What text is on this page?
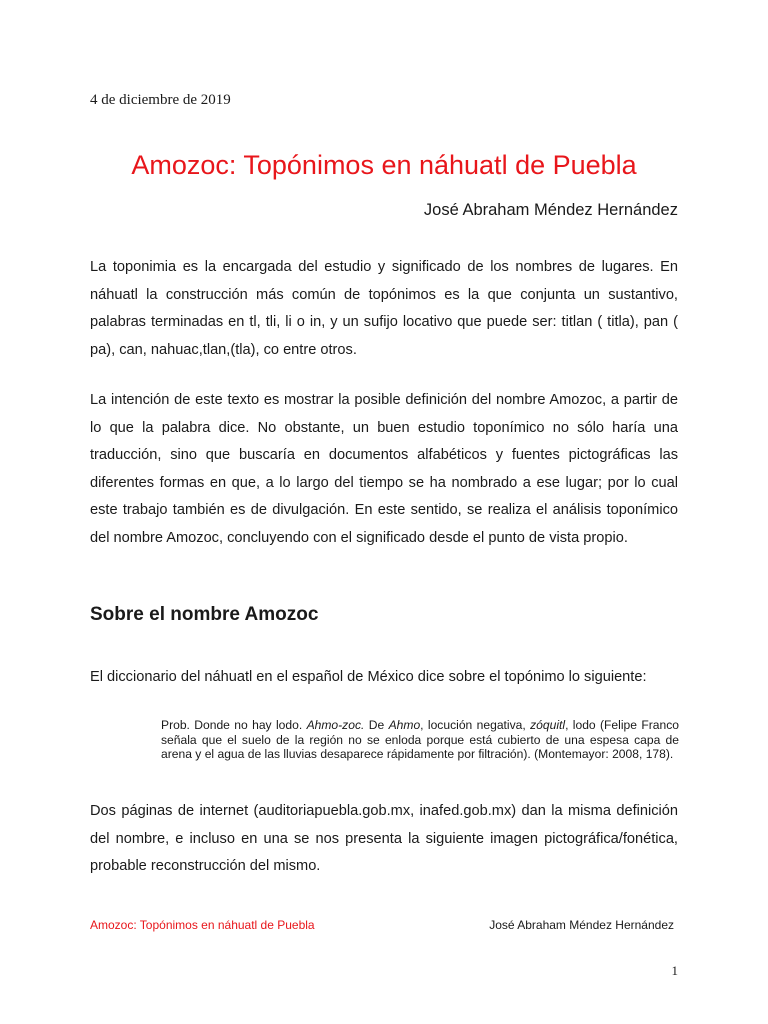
4 de diciembre de 2019
Amozoc: Topónimos en náhuatl de Puebla
José Abraham Méndez Hernández

La toponimia es la encargada del estudio y significado de los nombres de lugares. En náhuatl la construcción más común de topónimos es la que conjunta un sustantivo, palabras terminadas en tl, tli, li o in, y un sufijo locativo que puede ser: titlan ( titla), pan ( pa), can, nahuac,tlan,(tla), co entre otros.

La intención de este texto es mostrar la posible definición del nombre Amozoc, a partir de lo que la palabra dice. No obstante, un buen estudio toponímico no sólo haría una traducción, sino que buscaría en documentos alfabéticos y fuentes pictográficas las diferentes formas en que, a lo largo del tiempo se ha nombrado a ese lugar; por lo cual este trabajo también es de divulgación. En este sentido, se realiza el análisis toponímico del nombre Amozoc, concluyendo con el significado desde el punto de vista propio.

Sobre el nombre Amozoc

El diccionario del náhuatl en el español de México dice sobre el topónimo lo siguiente:

Prob. Donde no hay lodo. Ahmo-zoc. De Ahmo, locución negativa, zóquitl, lodo (Felipe Franco señala que el suelo de la región no se enloda porque está cubierto de una espesa capa de arena y el agua de las lluvias desaparece rápidamente por filtración). (Montemayor: 2008, 178).

Dos páginas de internet (auditoriapuebla.gob.mx, inafed.gob.mx) dan la misma definición del nombre, e incluso en una se nos presenta la siguiente imagen pictográfica/fonética, probable reconstrucción del mismo.

Amozoc: Topónimos en náhuatl de Puebla	José Abraham Méndez Hernández
1
